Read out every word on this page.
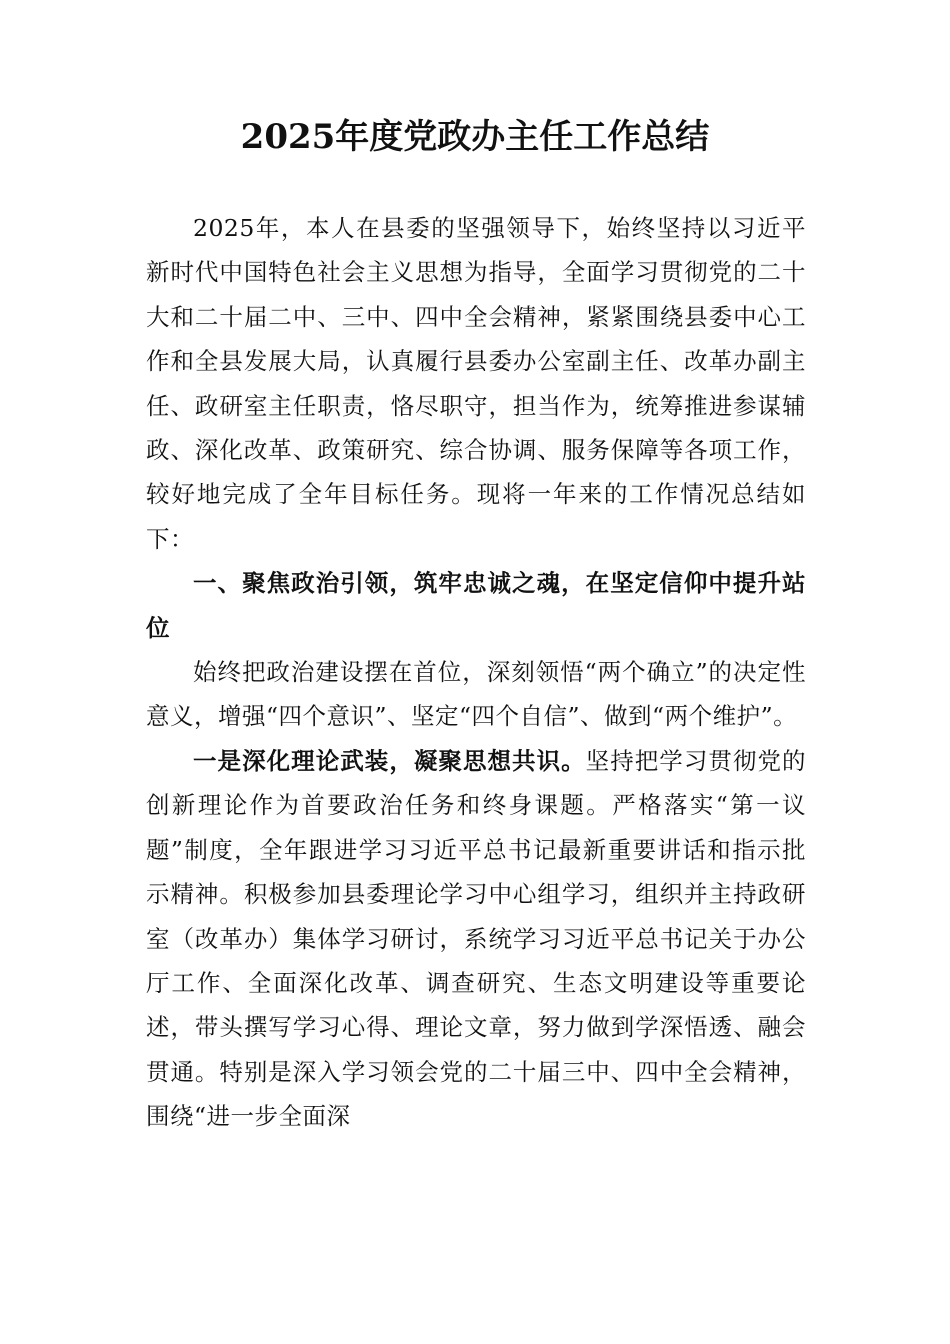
2025年度党政办主任工作总结

2025年，本人在县委的坚强领导下，始终坚持以习近平新时代中国特色社会主义思想为指导，全面学习贯彻党的二十大和二十届二中、三中、四中全会精神，紧紧围绕县委中心工作和全县发展大局，认真履行县委办公室副主任、改革办副主任、政研室主任职责，恪尽职守，担当作为，统筹推进参谋辅政、深化改革、政策研究、综合协调、服务保障等各项工作，较好地完成了全年目标任务。现将一年来的工作情况总结如下：

一、聚焦政治引领，筑牢忠诚之魂，在坚定信仰中提升站位

始终把政治建设摆在首位，深刻领悟“两个确立”的决定性意义，增强“四个意识”、坚定“四个自信”、做到“两个维护”。

一是深化理论武装，凝聚思想共识。坚持把学习贯彻党的创新理论作为首要政治任务和终身课题。严格落实“第一议题”制度，全年跟进学习习近平总书记最新重要讲话和指示批示精神。积极参加县委理论学习中心组学习，组织并主持政研室（改革办）集体学习研讨，系统学习习近平总书记关于办公厅工作、全面深化改革、调查研究、生态文明建设等重要论述，带头撰写学习心得、理论文章，努力做到学深悟透、融会贯通。特别是深入学习领会党的二十届三中、四中全会精神，围绕“进一步全面深
